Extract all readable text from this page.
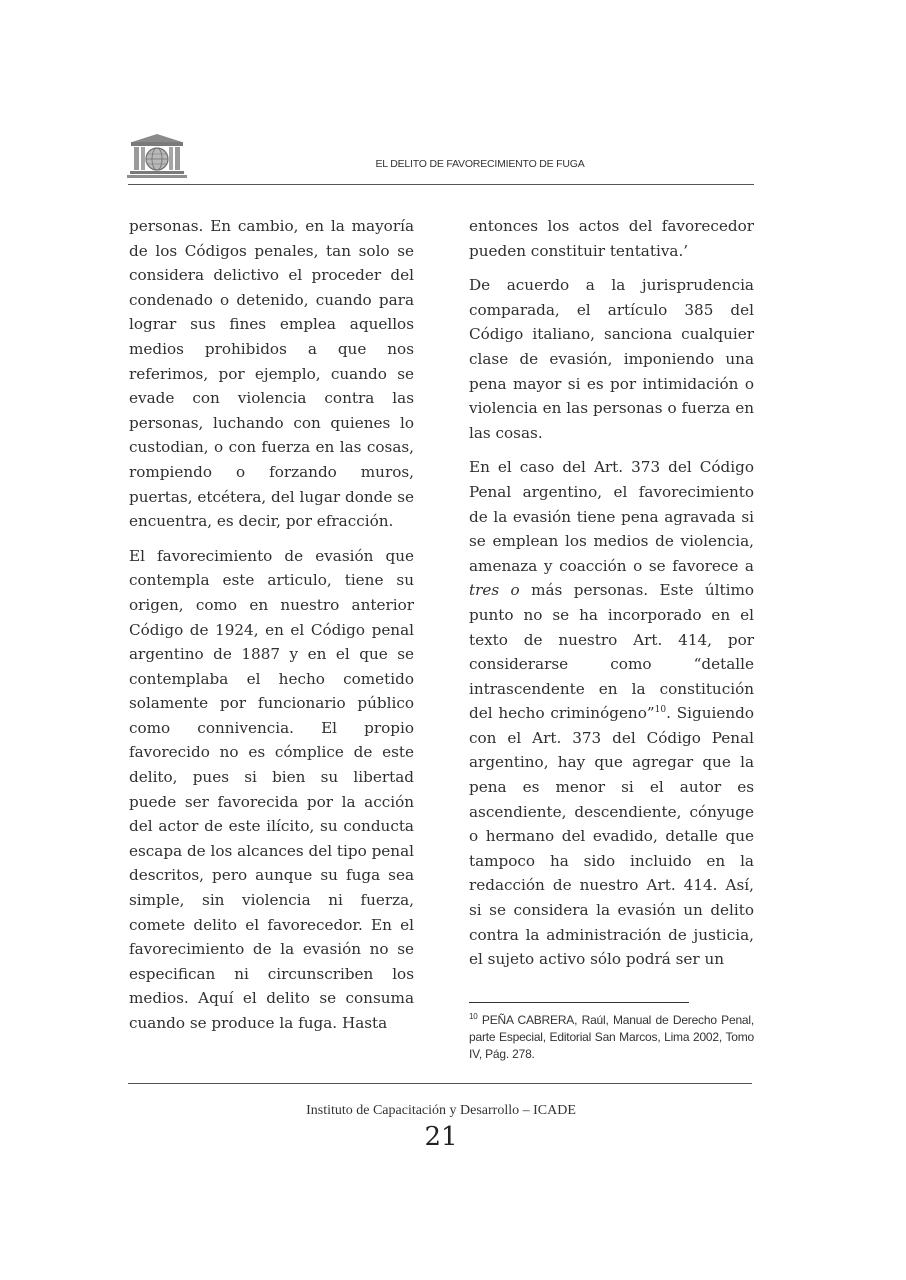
EL DELITO DE FAVORECIMIENTO DE FUGA

personas. En cambio, en la mayoría de los Códigos penales, tan solo se considera delictivo el proceder del condenado o detenido, cuando para lograr sus fines emplea aquellos medios prohibidos a que nos referimos, por ejemplo, cuando se evade con violencia contra las personas, luchando con quienes lo custodian, o con fuerza en las cosas, rompiendo o forzando muros, puertas, etcétera, del lugar donde se encuentra, es decir, por efracción.

El favorecimiento de evasión que contempla este articulo, tiene su origen, como en nuestro anterior Código de 1924, en el Código penal argentino de 1887 y en el que se contemplaba el hecho cometido solamente por funcionario público como connivencia. El propio favorecido no es cómplice de este delito, pues si bien su libertad puede ser favorecida por la acción del actor de este ilícito, su conducta escapa de los alcances del tipo penal descritos, pero aunque su fuga sea simple, sin violencia ni fuerza, comete delito el favorecedor. En el favorecimiento de la evasión no se especifican ni circunscriben los medios. Aquí el delito se consuma cuando se produce la fuga. Hasta

entonces los actos del favorecedor pueden constituir tentativa.’

De acuerdo a la jurisprudencia comparada, el artículo 385 del Código italiano, sanciona cualquier clase de evasión, imponiendo una pena mayor si es por intimidación o violencia en las personas o fuerza en las cosas.

En el caso del Art. 373 del Código Penal argentino, el favorecimiento de la evasión tiene pena agravada si se emplean los medios de violencia, amenaza y coacción o se favorece a tres o más personas. Este último punto no se ha incorporado en el texto de nuestro Art. 414, por considerarse como “detalle intrascendente en la constitución del hecho criminógeno”$^{10}$. Siguiendo con el Art. 373 del Código Penal argentino, hay que agregar que la pena es menor si el autor es ascendiente, descendiente, cónyuge o hermano del evadido, detalle que tampoco ha sido incluido en la redacción de nuestro Art. 414. Así, si se considera la evasión un delito contra la administración de justicia, el sujeto activo sólo podrá ser un

$^{10}$ PEÑA CABRERA, Raúl, Manual de Derecho Penal, parte Especial, Editorial San Marcos, Lima 2002, Tomo IV, Pág. 278.
Instituto de Capacitación y Desarrollo – ICADE
21
